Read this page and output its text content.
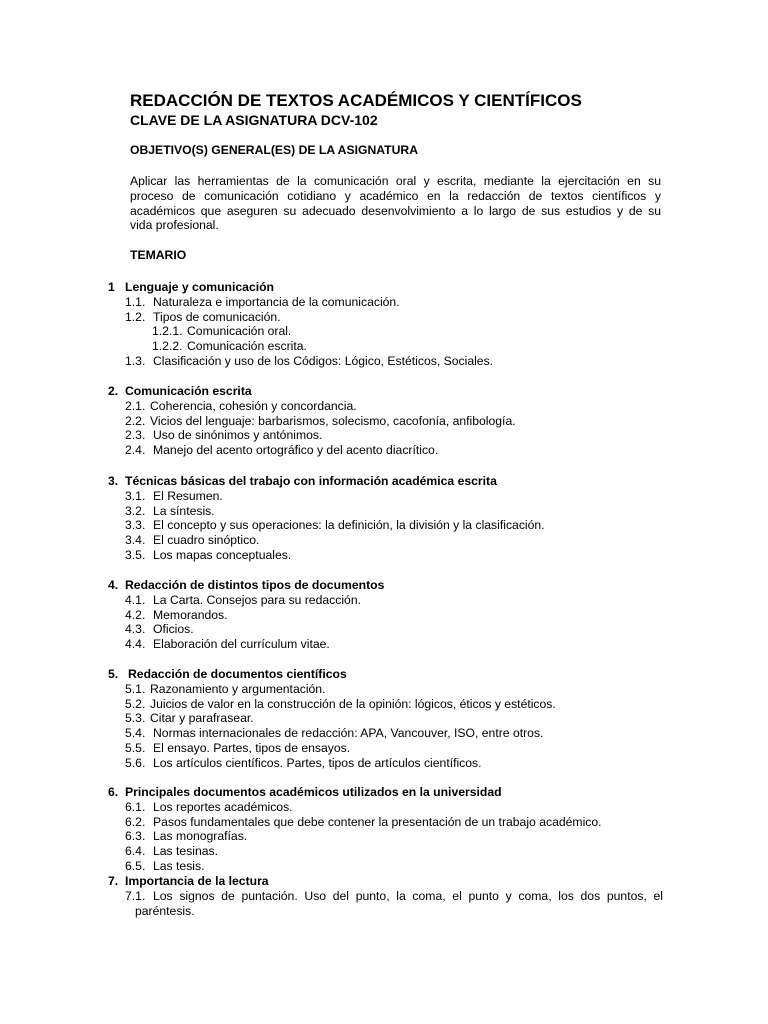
REDACCIÓN DE TEXTOS ACADÉMICOS Y CIENTÍFICOS
CLAVE DE LA ASIGNATURA DCV-102
OBJETIVO(S) GENERAL(ES) DE LA ASIGNATURA
Aplicar las herramientas de la comunicación oral y escrita, mediante la ejercitación en su
proceso de comunicación cotidiano y académico en la redacción de textos científicos y
académicos que aseguren su adecuado desenvolvimiento a lo largo de sus estudios y de su
vida profesional.
TEMARIO
1 Lenguaje y comunicación
1.1. Naturaleza e importancia de la comunicación.
1.2. Tipos de comunicación.
1.2.1. Comunicación oral.
1.2.2. Comunicación escrita.
1.3. Clasificación y uso de los Códigos: Lógico, Estéticos, Sociales.
2. Comunicación escrita
2.1. Coherencia, cohesión y concordancia.
2.2. Vicios del lenguaje: barbarismos, solecismo, cacofonía, anfibología.
2.3. Uso de sinónimos y antónimos.
2.4. Manejo del acento ortográfico y del acento diacrítico.
3. Técnicas básicas del trabajo con información académica escrita
3.1. El Resumen.
3.2. La síntesis.
3.3. El concepto y sus operaciones: la definición, la división y la clasificación.
3.4. El cuadro sinóptico.
3.5. Los mapas conceptuales.
4. Redacción de distintos tipos de documentos
4.1. La Carta. Consejos para su redacción.
4.2. Memorandos.
4.3. Oficios.
4.4. Elaboración del currículum vitae.
5. Redacción de documentos científicos
5.1. Razonamiento y argumentación.
5.2. Juicios de valor en la construcción de la opinión: lógicos, éticos y estéticos.
5.3. Citar y parafrasear.
5.4. Normas internacionales de redacción: APA, Vancouver, ISO, entre otros.
5.5. El ensayo. Partes, tipos de ensayos.
5.6. Los artículos científicos. Partes, tipos de artículos científicos.
6. Principales documentos académicos utilizados en la universidad
6.1. Los reportes académicos.
6.2. Pasos fundamentales que debe contener la presentación de un trabajo académico.
6.3. Las monografías.
6.4. Las tesinas.
6.5. Las tesis.
7. Importancia de la lectura
7.1. Los signos de puntación. Uso del punto, la coma, el punto y coma, los dos puntos, el
paréntesis.
